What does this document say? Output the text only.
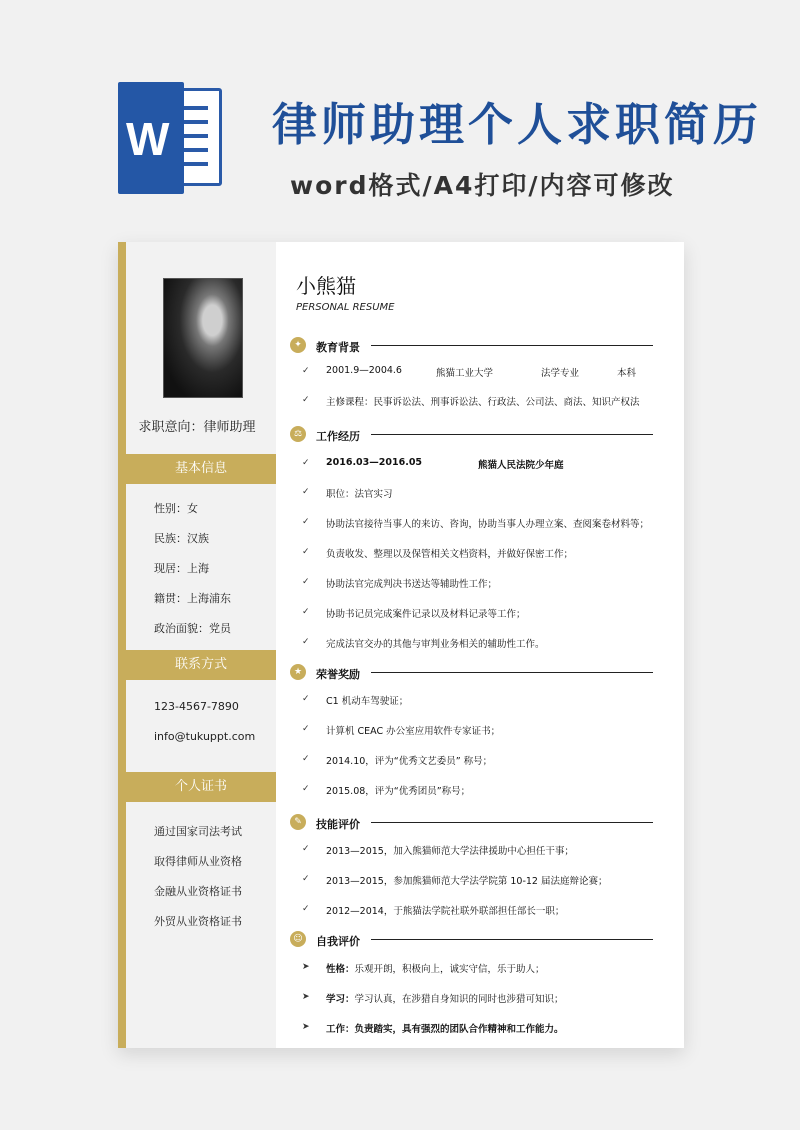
W 律师助理个人求职简历
word格式/A4打印/内容可修改
求职意向：律师助理
基本信息
性别：女
民族：汉族
现居：上海
籍贯：上海浦东
政治面貌：党员
联系方式
123-4567-7890
info@tukuppt.com
个人证书
通过国家司法考试
取得律师从业资格
金融从业资格证书
外贸从业资格证书
小熊猫
PERSONAL RESUME
✦	教育背景
✓ 2001.9—2004.6	熊猫工业大学	法学专业	本科
✓ 主修课程：民事诉讼法、刑事诉讼法、行政法、公司法、商法、知识产权法
⚖	工作经历
✓ 2016.03—2016.05	熊猫人民法院少年庭
✓ 职位：法官实习
✓ 协助法官接待当事人的来访、咨询，协助当事人办理立案、查阅案卷材料等；
✓ 负责收发、整理以及保管相关文档资料，并做好保密工作；
✓ 协助法官完成判决书送达等辅助性工作；
✓ 协助书记员完成案件记录以及材料记录等工作；
✓ 完成法官交办的其他与审判业务相关的辅助性工作。
★	荣誉奖励
✓ C1 机动车驾驶证；
✓ 计算机 CEAC 办公室应用软件专家证书；
✓ 2014.10，评为“优秀文艺委员” 称号；
✓ 2015.08，评为“优秀团员”称号；
✎	技能评价
✓ 2013—2015，加入熊猫师范大学法律援助中心担任干事；
✓ 2013—2015，参加熊猫师范大学法学院第 10-12 届法庭辩论赛；
✓ 2012—2014，于熊猫法学院社联外联部担任部长一职；
☺	自我评价
➤ 性格：乐观开朗，积极向上，诚实守信，乐于助人；
➤ 学习：学习认真，在涉猎自身知识的同时也涉猎可知识；
➤ 工作：负责踏实，具有强烈的团队合作精神和工作能力。
